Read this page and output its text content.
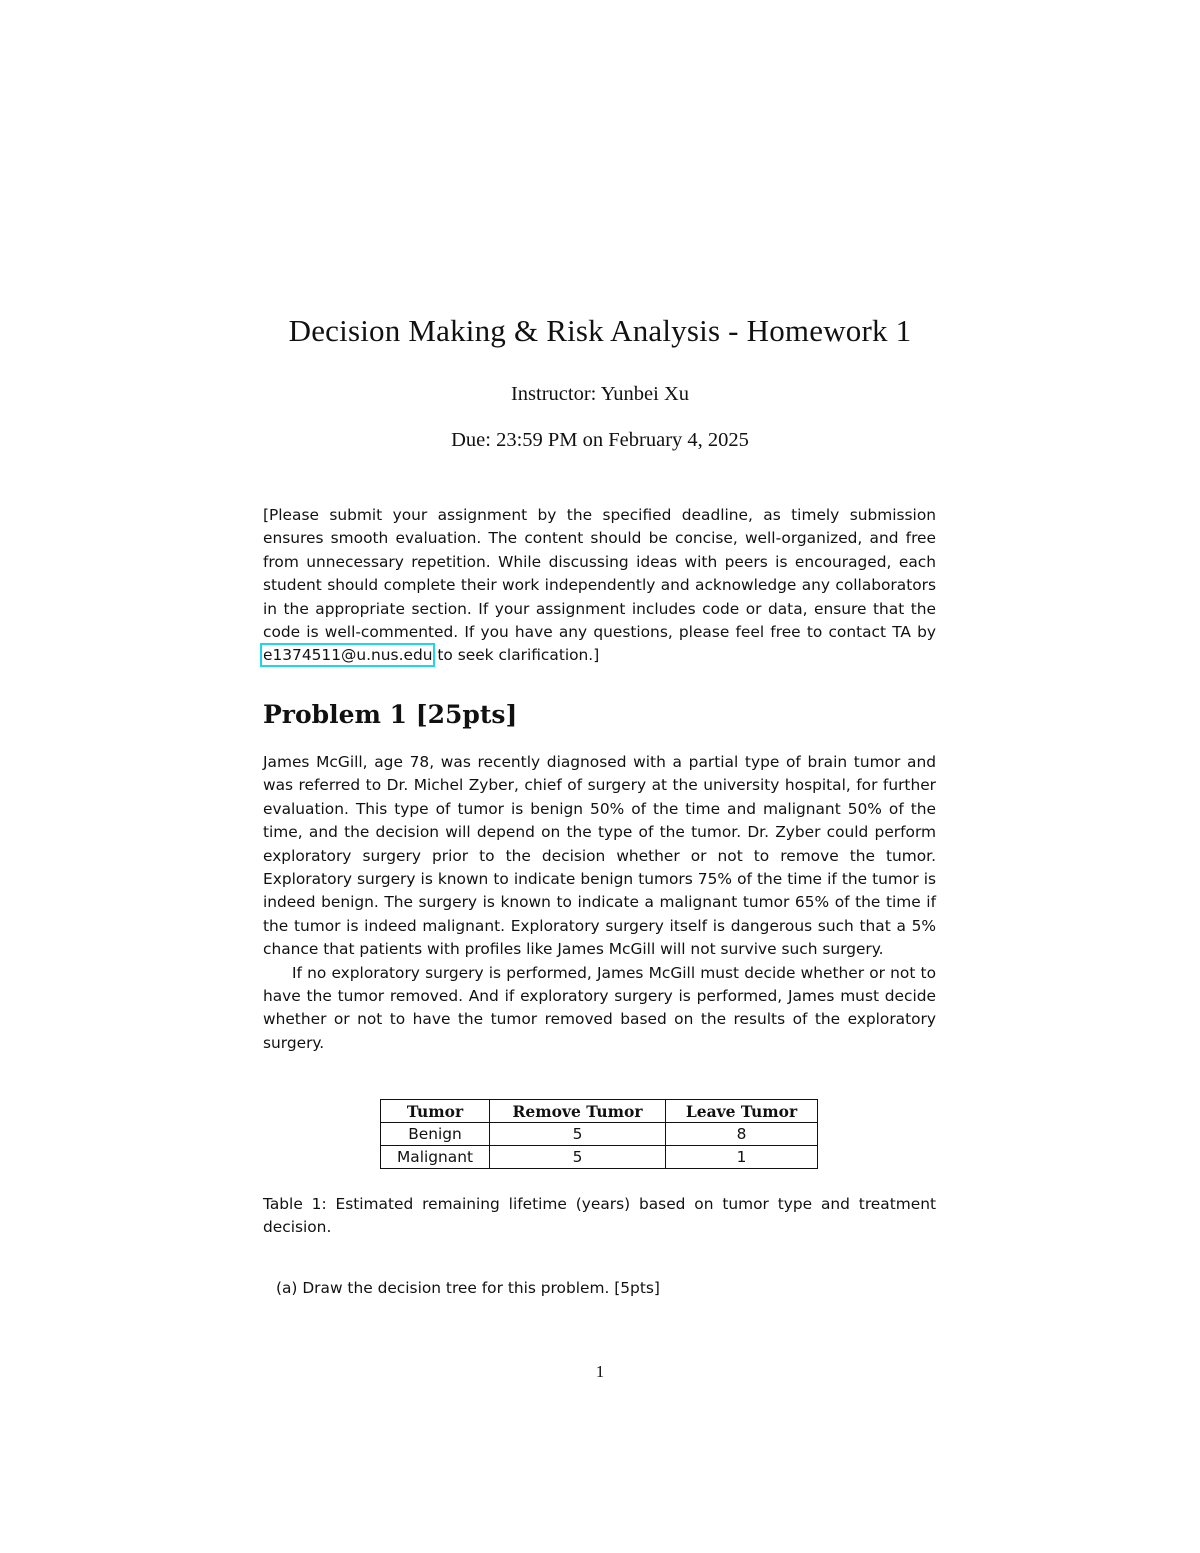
Decision Making & Risk Analysis - Homework 1
Instructor: Yunbei Xu
Due: 23:59 PM on February 4, 2025
[Please submit your assignment by the specified deadline, as timely submission ensures smooth evaluation. The content should be concise, well-organized, and free from unnecessary repetition. While discussing ideas with peers is encouraged, each student should complete their work independently and acknowledge any collaborators in the appropriate section. If your assignment includes code or data, ensure that the code is well-commented. If you have any questions, please feel free to contact TA by e1374511@u.nus.edu to seek clarification.]
Problem 1 [25pts]

James McGill, age 78, was recently diagnosed with a partial type of brain tumor and was referred to Dr. Michel Zyber, chief of surgery at the university hospital, for further evaluation. This type of tumor is benign 50% of the time and malignant 50% of the time, and the decision will depend on the type of the tumor. Dr. Zyber could perform exploratory surgery prior to the decision whether or not to remove the tumor. Exploratory surgery is known to indicate benign tumors 75% of the time if the tumor is indeed benign. The surgery is known to indicate a malignant tumor 65% of the time if the tumor is indeed malignant. Exploratory surgery itself is dangerous such that a 5% chance that patients with profiles like James McGill will not survive such surgery.

If no exploratory surgery is performed, James McGill must decide whether or not to have the tumor removed. And if exploratory surgery is performed, James must decide whether or not to have the tumor removed based on the results of the exploratory surgery.

Tumor	Remove Tumor	Leave Tumor
Benign	5	8
Malignant	5	1
Table 1: Estimated remaining lifetime (years) based on tumor type and treatment decision.
(a) Draw the decision tree for this problem. [5pts]
1
